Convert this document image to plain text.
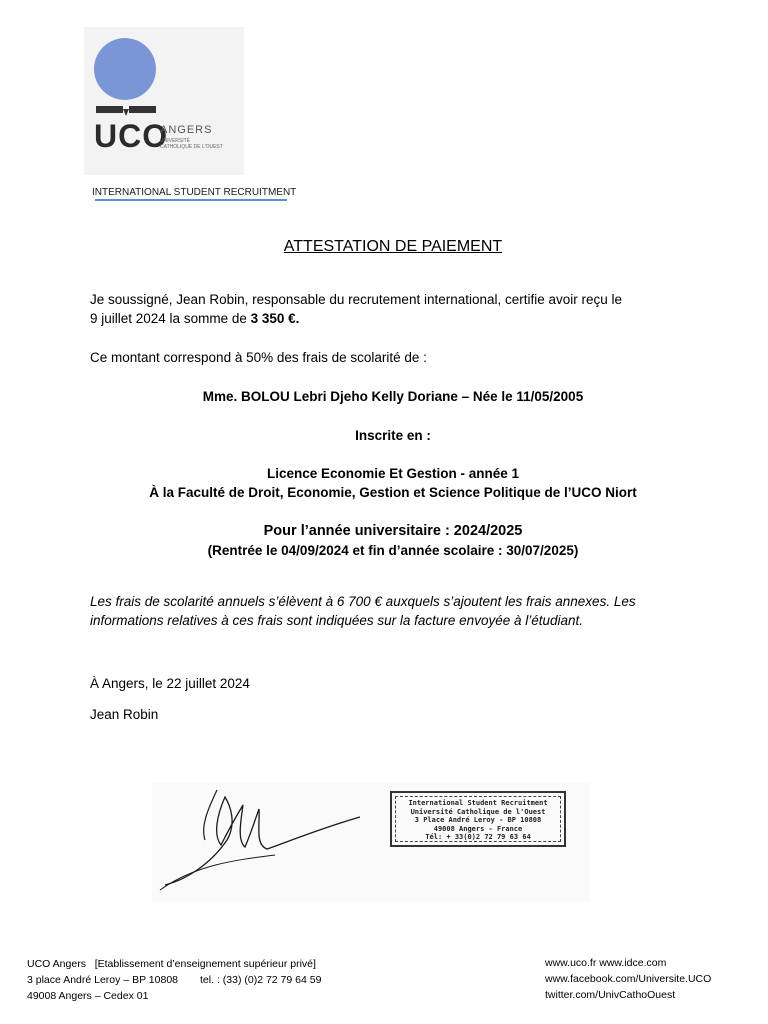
UCO
ANGERS
UNIVERSITÉ
CATHOLIQUE DE L'OUEST
INTERNATIONAL STUDENT RECRUITMENT
ATTESTATION DE PAIEMENT
Je soussigné, Jean Robin, responsable du recrutement international, certifie avoir reçu le
9 juillet 2024 la somme de 3 350 €.
Ce montant correspond à 50% des frais de scolarité de :
Mme. BOLOU Lebri Djeho Kelly Doriane – Née le 11/05/2005
Inscrite en :
Licence Economie Et Gestion - année 1
À la Faculté de Droit, Economie, Gestion et Science Politique de l’UCO Niort
Pour l’année universitaire : 2024/2025
(Rentrée le 04/09/2024 et fin d’année scolaire : 30/07/2025)
Les frais de scolarité annuels s’élèvent à 6 700 € auxquels s’ajoutent les frais annexes. Les
informations relatives à ces frais sont indiquées sur la facture envoyée à l’étudiant.
À Angers, le 22 juillet 2024
Jean Robin
International Student Recruitment
Université Catholique de l'Ouest
3 Place André Leroy - BP 10808
49008 Angers - France
Tél: + 33(0)2 72 79 63 64
UCO Angers [Etablissement d’enseignement supérieur privé]
3 place André Leroy – BP 10808 tel. : (33) (0)2 72 79 64 59
49008 Angers – Cedex 01
www.uco.fr www.idce.com
www.facebook.com/Universite.UCO
twitter.com/UnivCathoOuest
